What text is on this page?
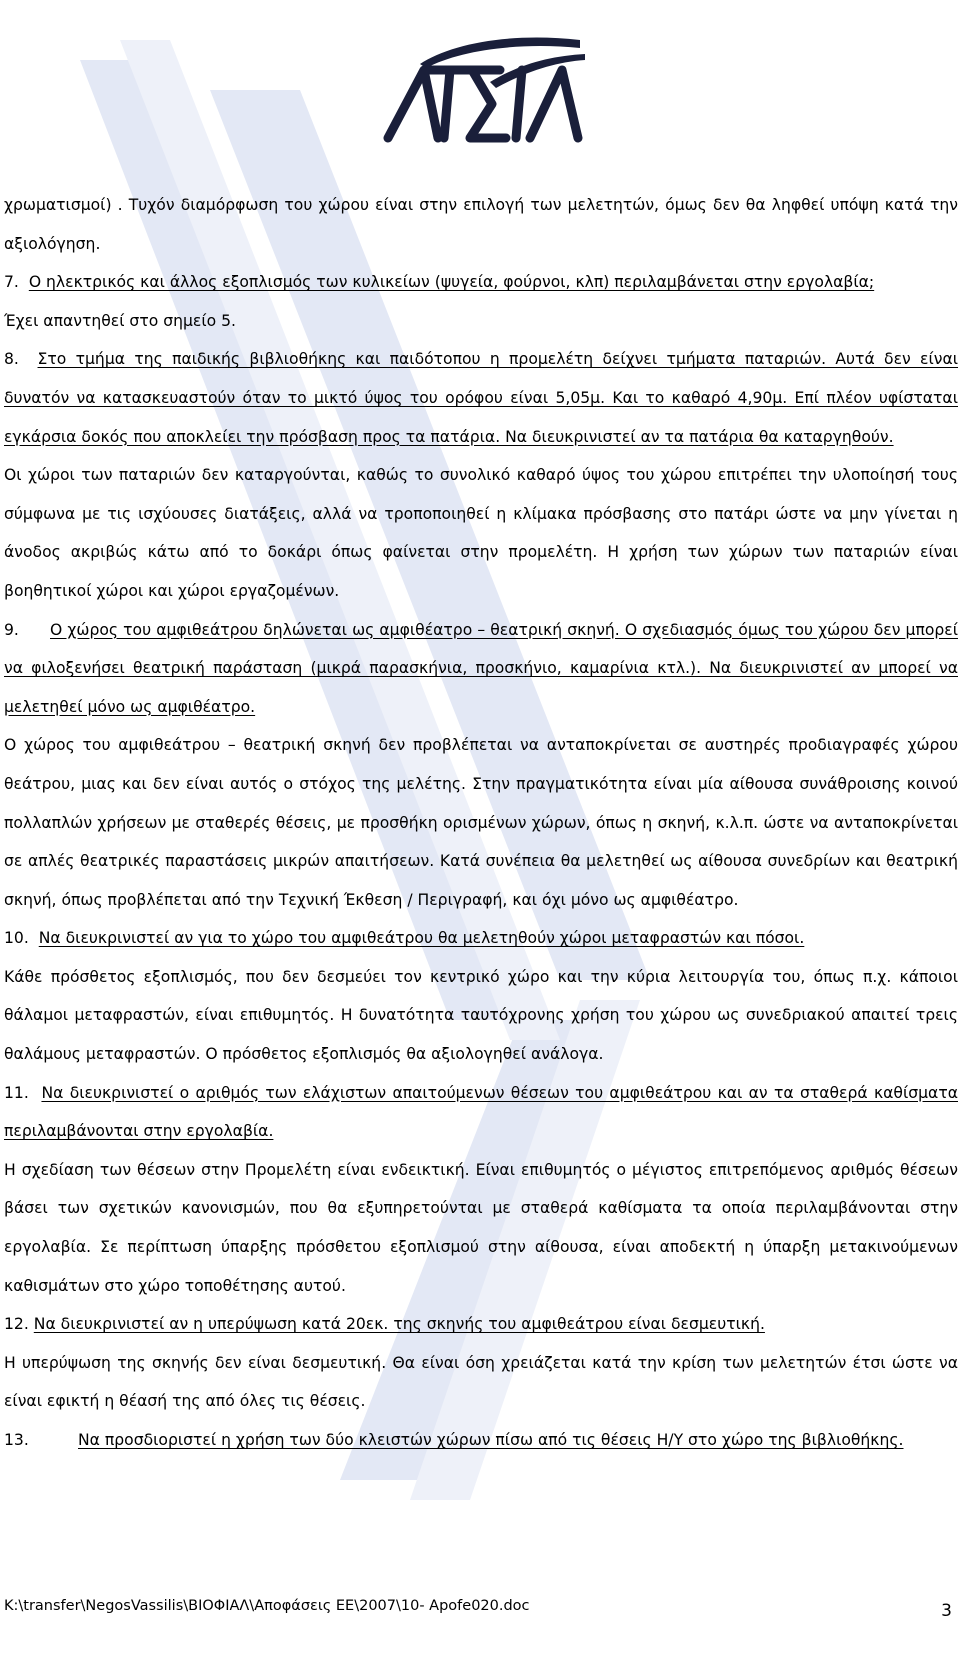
χρωματισμοί) . Τυχόν διαμόρφωση του χώρου είναι στην επιλογή των μελετητών, όμως δεν θα ληφθεί υπόψη κατά την αξιολόγηση.

7. Ο ηλεκτρικός και άλλος εξοπλισμός των κυλικείων (ψυγεία, φούρνοι, κλπ) περιλαμβάνεται στην εργολαβία;

Έχει απαντηθεί στο σημείο 5.

8. Στο τμήμα της παιδικής βιβλιοθήκης και παιδότοπου η προμελέτη δείχνει τμήματα παταριών. Αυτά δεν είναι δυνατόν να κατασκευαστούν όταν το μικτό ύψος του ορόφου είναι 5,05μ. Και το καθαρό 4,90μ. Επί πλέον υφίσταται εγκάρσια δοκός που αποκλείει την πρόσβαση προς τα πατάρια. Να διευκρινιστεί αν τα πατάρια θα καταργηθούν.

Οι χώροι των παταριών δεν καταργούνται, καθώς το συνολικό καθαρό ύψος του χώρου επιτρέπει την υλοποίησή τους σύμφωνα με τις ισχύουσες διατάξεις, αλλά να τροποποιηθεί η κλίμακα πρόσβασης στο πατάρι ώστε να μην γίνεται η άνοδος ακριβώς κάτω από το δοκάρι όπως φαίνεται στην προμελέτη. Η χρήση των χώρων των παταριών είναι βοηθητικοί χώροι και χώροι εργαζομένων.

9. Ο χώρος του αμφιθεάτρου δηλώνεται ως αμφιθέατρο – θεατρική σκηνή. Ο σχεδιασμός όμως του χώρου δεν μπορεί να φιλοξενήσει θεατρική παράσταση (μικρά παρασκήνια, προσκήνιο, καμαρίνια κτλ.). Να διευκρινιστεί αν μπορεί να μελετηθεί μόνο ως αμφιθέατρο.

Ο χώρος του αμφιθεάτρου – θεατρική σκηνή δεν προβλέπεται να ανταποκρίνεται σε αυστηρές προδιαγραφές χώρου θεάτρου, μιας και δεν είναι αυτός ο στόχος της μελέτης. Στην πραγματικότητα είναι μία αίθουσα συνάθροισης κοινού πολλαπλών χρήσεων με σταθερές θέσεις, με προσθήκη ορισμένων χώρων, όπως η σκηνή, κ.λ.π. ώστε να ανταποκρίνεται σε απλές θεατρικές παραστάσεις μικρών απαιτήσεων. Κατά συνέπεια θα μελετηθεί ως αίθουσα συνεδρίων και θεατρική σκηνή, όπως προβλέπεται από την Τεχνική Έκθεση / Περιγραφή, και όχι μόνο ως αμφιθέατρο.

10. Να διευκρινιστεί αν για το χώρο του αμφιθεάτρου θα μελετηθούν χώροι μεταφραστών και πόσοι.

Κάθε πρόσθετος εξοπλισμός, που δεν δεσμεύει τον κεντρικό χώρο και την κύρια λειτουργία του, όπως π.χ. κάποιοι θάλαμοι μεταφραστών, είναι επιθυμητός. Η δυνατότητα ταυτόχρονης χρήση του χώρου ως συνεδριακού απαιτεί τρεις θαλάμους μεταφραστών. Ο πρόσθετος εξοπλισμός θα αξιολογηθεί ανάλογα.

11. Να διευκρινιστεί ο αριθμός των ελάχιστων απαιτούμενων θέσεων του αμφιθεάτρου και αν τα σταθερά καθίσματα περιλαμβάνονται στην εργολαβία.

Η σχεδίαση των θέσεων στην Προμελέτη είναι ενδεικτική. Είναι επιθυμητός ο μέγιστος επιτρεπόμενος αριθμός θέσεων βάσει των σχετικών κανονισμών, που θα εξυπηρετούνται με σταθερά καθίσματα τα οποία περιλαμβάνονται στην εργολαβία. Σε περίπτωση ύπαρξης πρόσθετου εξοπλισμού στην αίθουσα, είναι αποδεκτή η ύπαρξη μετακινούμενων καθισμάτων στο χώρο τοποθέτησης αυτού.

12. Να διευκρινιστεί αν η υπερύψωση κατά 20εκ. της σκηνής του αμφιθεάτρου είναι δεσμευτική.

Η υπερύψωση της σκηνής δεν είναι δεσμευτική. Θα είναι όση χρειάζεται κατά την κρίση των μελετητών έτσι ώστε να είναι εφικτή η θέασή της από όλες τις θέσεις.

13.	Να προσδιοριστεί η χρήση των δύο κλειστών χώρων πίσω από τις θέσεις Η/Υ στο χώρο της βιβλιοθήκης.

K:\transfer\NegosVassilis\ΒΙΟΦΙΑΛ\Αποφάσεις ΕΕ\2007\10- Apofe020.doc	3
